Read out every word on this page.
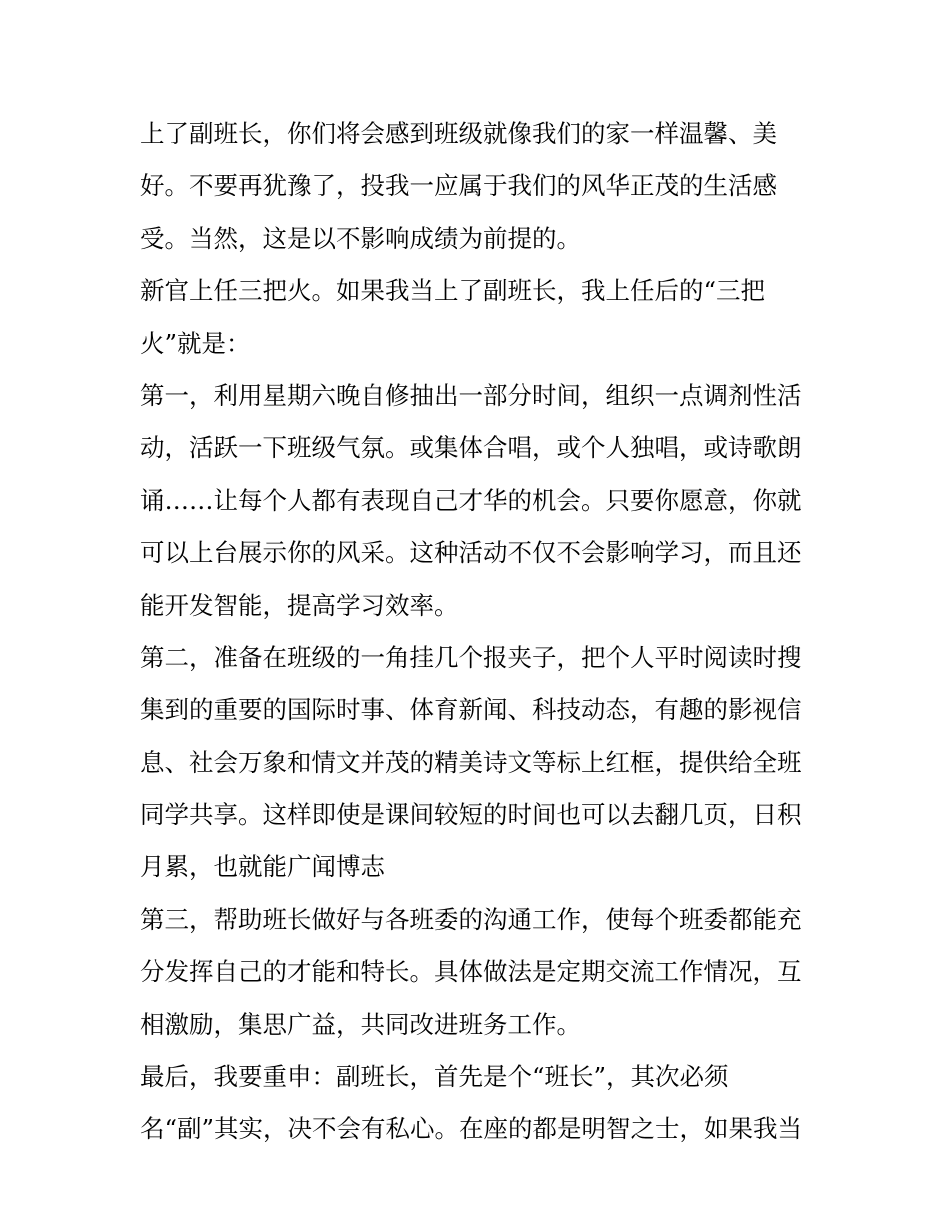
上了副班长，你们将会感到班级就像我们的家一样温馨、美
好。不要再犹豫了，投我一应属于我们的风华正茂的生活感
受。当然，这是以不影响成绩为前提的。
新官上任三把火。如果我当上了副班长，我上任后的“三把
火”就是：
第一，利用星期六晚自修抽出一部分时间，组织一点调剂性活
动，活跃一下班级气氛。或集体合唱，或个人独唱，或诗歌朗
诵……让每个人都有表现自己才华的机会。只要你愿意，你就
可以上台展示你的风采。这种活动不仅不会影响学习，而且还
能开发智能，提高学习效率。
第二，准备在班级的一角挂几个报夹子，把个人平时阅读时搜
集到的重要的国际时事、体育新闻、科技动态，有趣的影视信
息、社会万象和情文并茂的精美诗文等标上红框，提供给全班
同学共享。这样即使是课间较短的时间也可以去翻几页，日积
月累，也就能广闻博志
第三，帮助班长做好与各班委的沟通工作，使每个班委都能充
分发挥自己的才能和特长。具体做法是定期交流工作情况，互
相激励，集思广益，共同改进班务工作。
最后，我要重申：副班长，首先是个“班长”，其次必须
名“副”其实，决不会有私心。在座的都是明智之士，如果我当
